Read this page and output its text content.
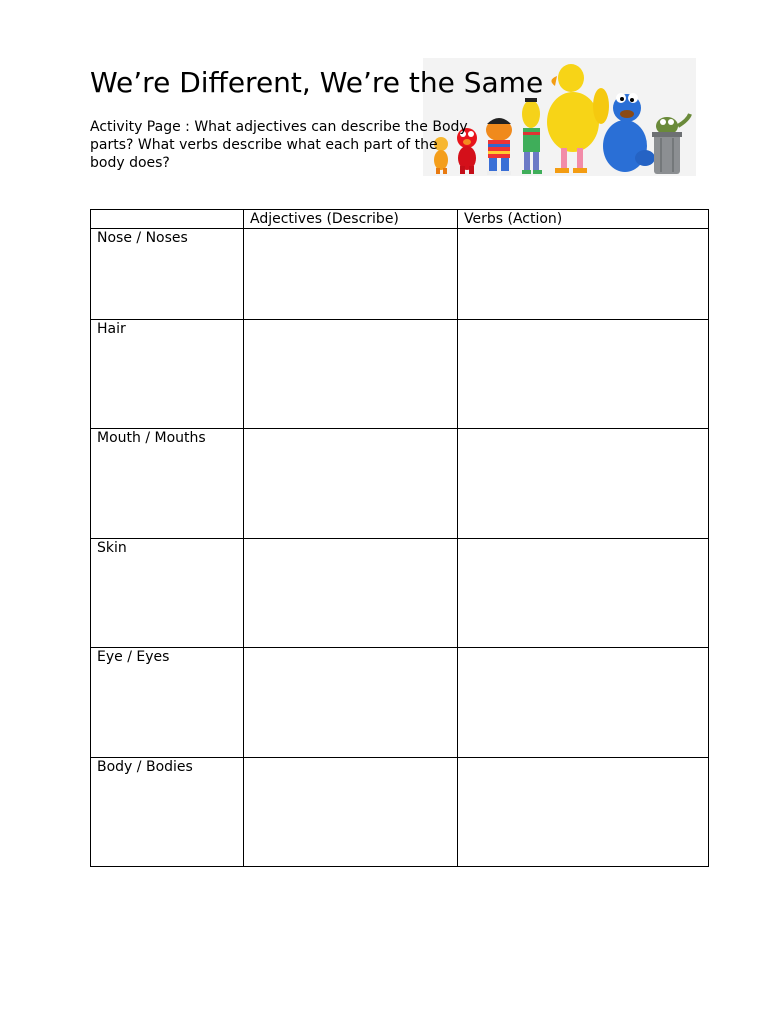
We’re Different, We’re the Same

Activity Page : What adjectives can describe the Body parts? What verbs describe what each part of the body does?

	Adjectives (Describe)	Verbs (Action)
Nose / Noses		
Hair		
Mouth / Mouths		
Skin		
Eye / Eyes		
Body / Bodies		
